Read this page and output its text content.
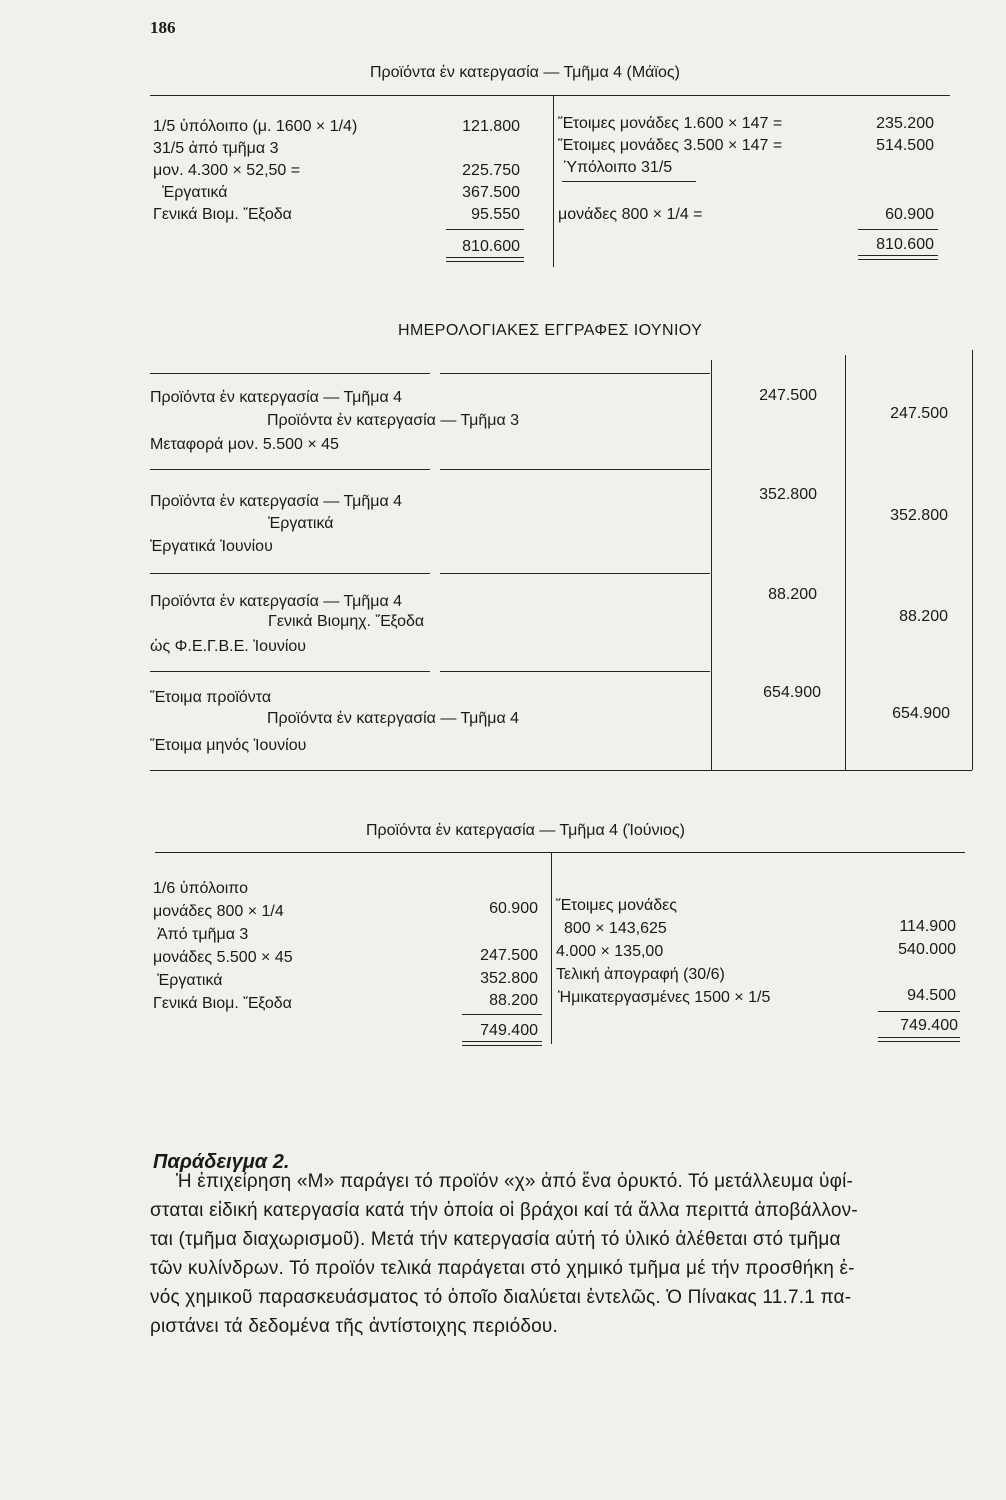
186
Προϊόντα ἐν κατεργασία — Τμῆμα 4 (Μάϊος)
1/5 ὑπόλοιπο (μ. 1600 × 1/4)
31/5 ἀπό τμῆμα 3
μον. 4.300 × 52,50 =
Ἐργατικά
Γενικά Βιομ. Ἔξοδα
121.800
225.750
367.500
95.550
810.600
Ἕτοιμες μονάδες 1.600 × 147 =
Ἕτοιμες μονάδες 3.500 × 147 =
Ὑπόλοιπο 31/5
μονάδες 800 × 1/4 =
235.200
514.500
60.900
810.600
ΗΜΕΡΟΛΟΓΙΑΚΕΣ ΕΓΓΡΑΦΕΣ ΙΟΥΝΙΟΥ
Προϊόντα ἐν κατεργασία — Τμῆμα 4
Προϊόντα ἐν κατεργασία — Τμῆμα 3
Μεταφορά μον. 5.500 × 45
247.500
247.500
Προϊόντα ἐν κατεργασία — Τμῆμα 4
Ἐργατικά
Ἐργατικά Ἰουνίου
352.800
352.800
Προϊόντα ἐν κατεργασία — Τμῆμα 4
Γενικά Βιομηχ. Ἔξοδα
ὡς Φ.Ε.Γ.Β.Ε. Ἰουνίου
88.200
88.200
Ἕτοιμα προϊόντα
Προϊόντα ἐν κατεργασία — Τμῆμα 4
Ἕτοιμα μηνός Ἰουνίου
654.900
654.900
Προϊόντα ἐν κατεργασία — Τμῆμα 4 (Ἰούνιος)
1/6 ὑπόλοιπο
μονάδες 800 × 1/4
Ἀπό τμῆμα 3
μονάδες 5.500 × 45
Ἐργατικά
Γενικά Βιομ. Ἔξοδα
60.900
247.500
352.800
88.200
749.400
Ἕτοιμες μονάδες
800 × 143,625
4.000 × 135,00
Τελική ἀπογραφή (30/6)
Ἡμικατεργασμένες 1500 × 1/5
114.900
540.000
94.500
749.400
Παράδειγμα 2.

Ἡ ἐπιχείρηση «Μ» παράγει τό προϊόν «χ» ἀπό ἕνα ὀρυκτό. Τό μετάλλευμα ὑφί-

σταται εἰδική κατεργασία κατά τήν ὁποία οἱ βράχοι καί τά ἄλλα περιττά ἀποβάλλον-

ται (τμῆμα διαχωρισμοῦ). Μετά τήν κατεργασία αὐτή τό ὑλικό ἀλέθεται στό τμῆμα

τῶν κυλίνδρων. Τό προϊόν τελικά παράγεται στό χημικό τμῆμα μέ τήν προσθήκη ἑ-

νός χημικοῦ παρασκευάσματος τό ὁποῖο διαλύεται ἐντελῶς. Ὁ Πίνακας 11.7.1 πα-

ριστάνει τά δεδομένα τῆς ἀντίστοιχης περιόδου.
